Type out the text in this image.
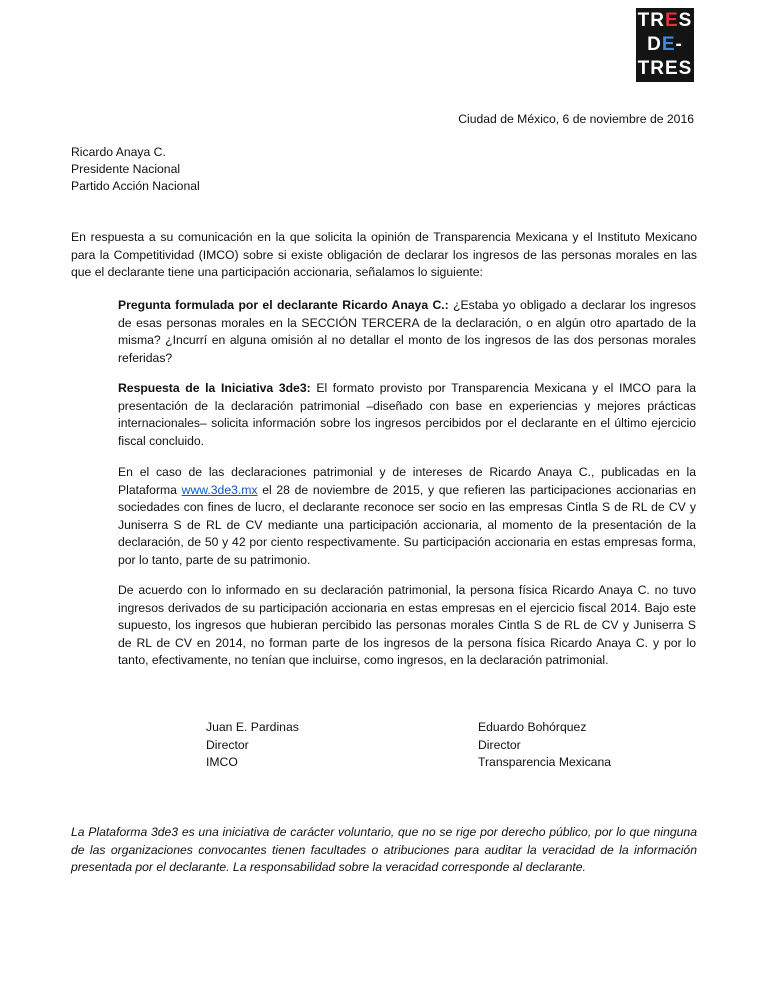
TRES
DE-
TRES
Ciudad de México, 6 de noviembre de 2016
Ricardo Anaya C.
Presidente Nacional
Partido Acción Nacional

En respuesta a su comunicación en la que solicita la opinión de Transparencia Mexicana y el Instituto Mexicano para la Competitividad (IMCO) sobre si existe obligación de declarar los ingresos de las personas morales en las que el declarante tiene una participación accionaria, señalamos lo siguiente:

Pregunta formulada por el declarante Ricardo Anaya C.: ¿Estaba yo obligado a declarar los ingresos de esas personas morales en la SECCIÓN TERCERA de la declaración, o en algún otro apartado de la misma? ¿Incurrí en alguna omisión al no detallar el monto de los ingresos de las dos personas morales referidas?

Respuesta de la Iniciativa 3de3: El formato provisto por Transparencia Mexicana y el IMCO para la presentación de la declaración patrimonial –diseñado con base en experiencias y mejores prácticas internacionales– solicita información sobre los ingresos percibidos por el declarante en el último ejercicio fiscal concluido.

En el caso de las declaraciones patrimonial y de intereses de Ricardo Anaya C., publicadas en la Plataforma www.3de3.mx el 28 de noviembre de 2015, y que refieren las participaciones accionarias en sociedades con fines de lucro, el declarante reconoce ser socio en las empresas Cintla S de RL de CV y Juniserra S de RL de CV mediante una participación accionaria, al momento de la presentación de la declaración, de 50 y 42 por ciento respectivamente. Su participación accionaria en estas empresas forma, por lo tanto, parte de su patrimonio.

De acuerdo con lo informado en su declaración patrimonial, la persona física Ricardo Anaya C. no tuvo ingresos derivados de su participación accionaria en estas empresas en el ejercicio fiscal 2014. Bajo este supuesto, los ingresos que hubieran percibido las personas morales Cintla S de RL de CV y Juniserra S de RL de CV en 2014, no forman parte de los ingresos de la persona física Ricardo Anaya C. y por lo tanto, efectivamente, no tenían que incluirse, como ingresos, en la declaración patrimonial.

Juan E. Pardinas
Director
IMCO
Eduardo Bohórquez
Director
Transparencia Mexicana

La Plataforma 3de3 es una iniciativa de carácter voluntario, que no se rige por derecho público, por lo que ninguna de las organizaciones convocantes tienen facultades o atribuciones para auditar la veracidad de la información presentada por el declarante. La responsabilidad sobre la veracidad corresponde al declarante.
